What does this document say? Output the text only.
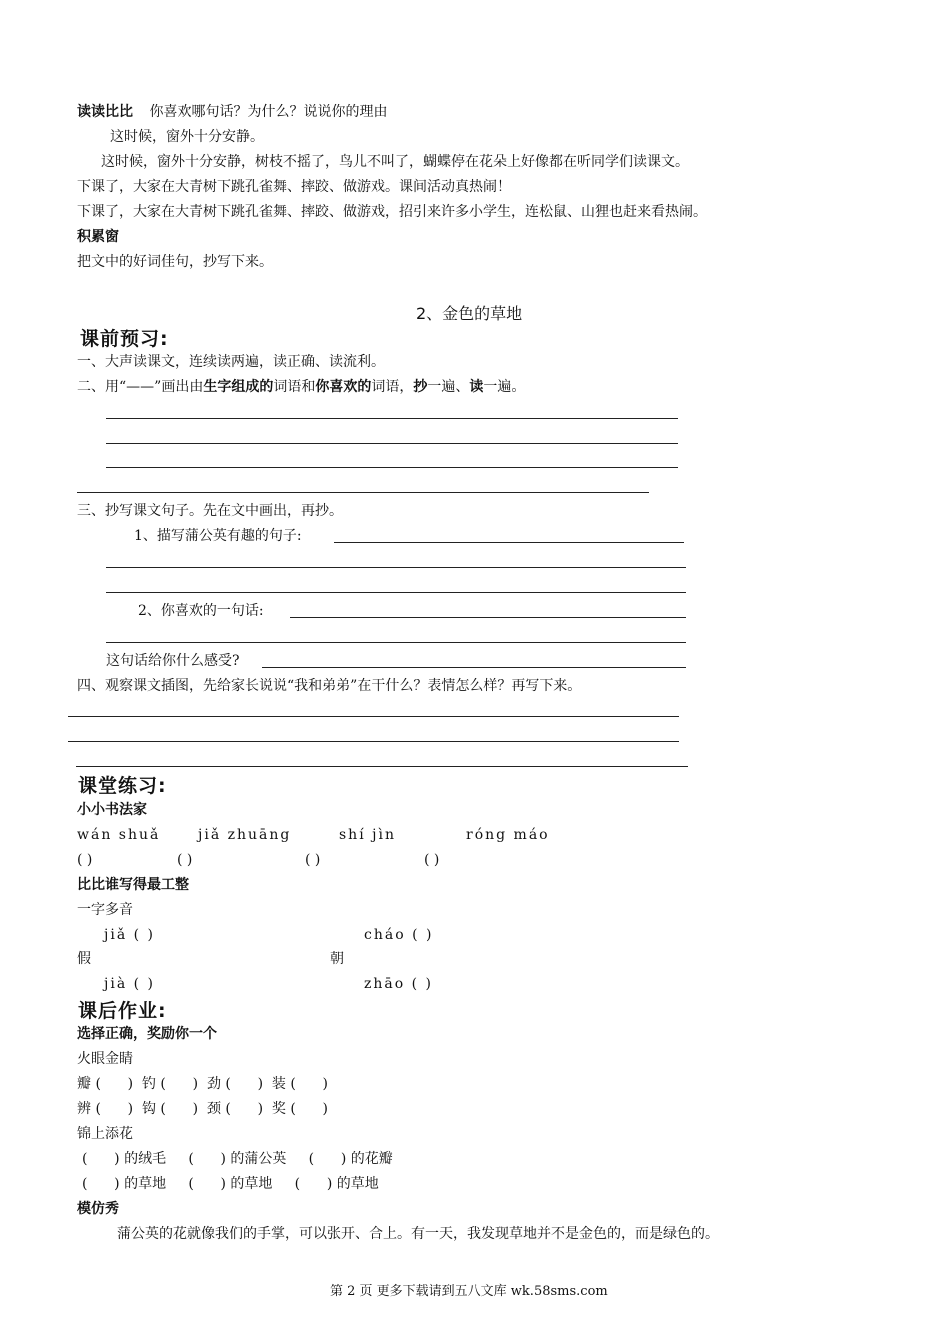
读读比比 你喜欢哪句话？为什么？说说你的理由
这时候，窗外十分安静。
这时候，窗外十分安静，树枝不摇了，鸟儿不叫了，蝴蝶停在花朵上好像都在听同学们读课文。
下课了，大家在大青树下跳孔雀舞、摔跤、做游戏。课间活动真热闹！
下课了，大家在大青树下跳孔雀舞、摔跤、做游戏，招引来许多小学生，连松鼠、山狸也赶来看热闹。
积累窗
把文中的好词佳句，抄写下来。
2、金色的草地
课前预习:
一、大声读课文，连续读两遍，读正确、读流利。
二、用“——”画出由生字组成的词语和你喜欢的词语，抄一遍、读一遍。
三、抄写课文句子。先在文中画出，再抄。
1、描写蒲公英有趣的句子:
2、你喜欢的一句话:
这句话给你什么感受?
四、观察课文插图，先给家长说说“我和弟弟”在干什么？表情怎么样？再写下来。
课堂练习:
小小书法家
wán shuǎ	jiǎ zhuāng	shí jìn	róng máo
( )	( )	( )	( )
比比谁写得最工整
一字多音
jiǎ ( )	cháo ( )
假	朝
jià ( )	zhāo ( )
课后作业:
选择正确，奖励你一个
火眼金睛
瓣 (      )  钓 (      )  劲 (      )  装 (      )
辨 (      )  钩 (      )  颈 (      )  奖 (      )
锦上添花
(      ) 的绒毛     (      ) 的蒲公英     (      ) 的花瓣
(      ) 的草地     (      ) 的草地     (      ) 的草地
模仿秀
蒲公英的花就像我们的手掌，可以张开、合上。有一天，我发现草地并不是金色的，而是绿色的。
第 2 页 更多下载请到五八文库 wk.58sms.com
